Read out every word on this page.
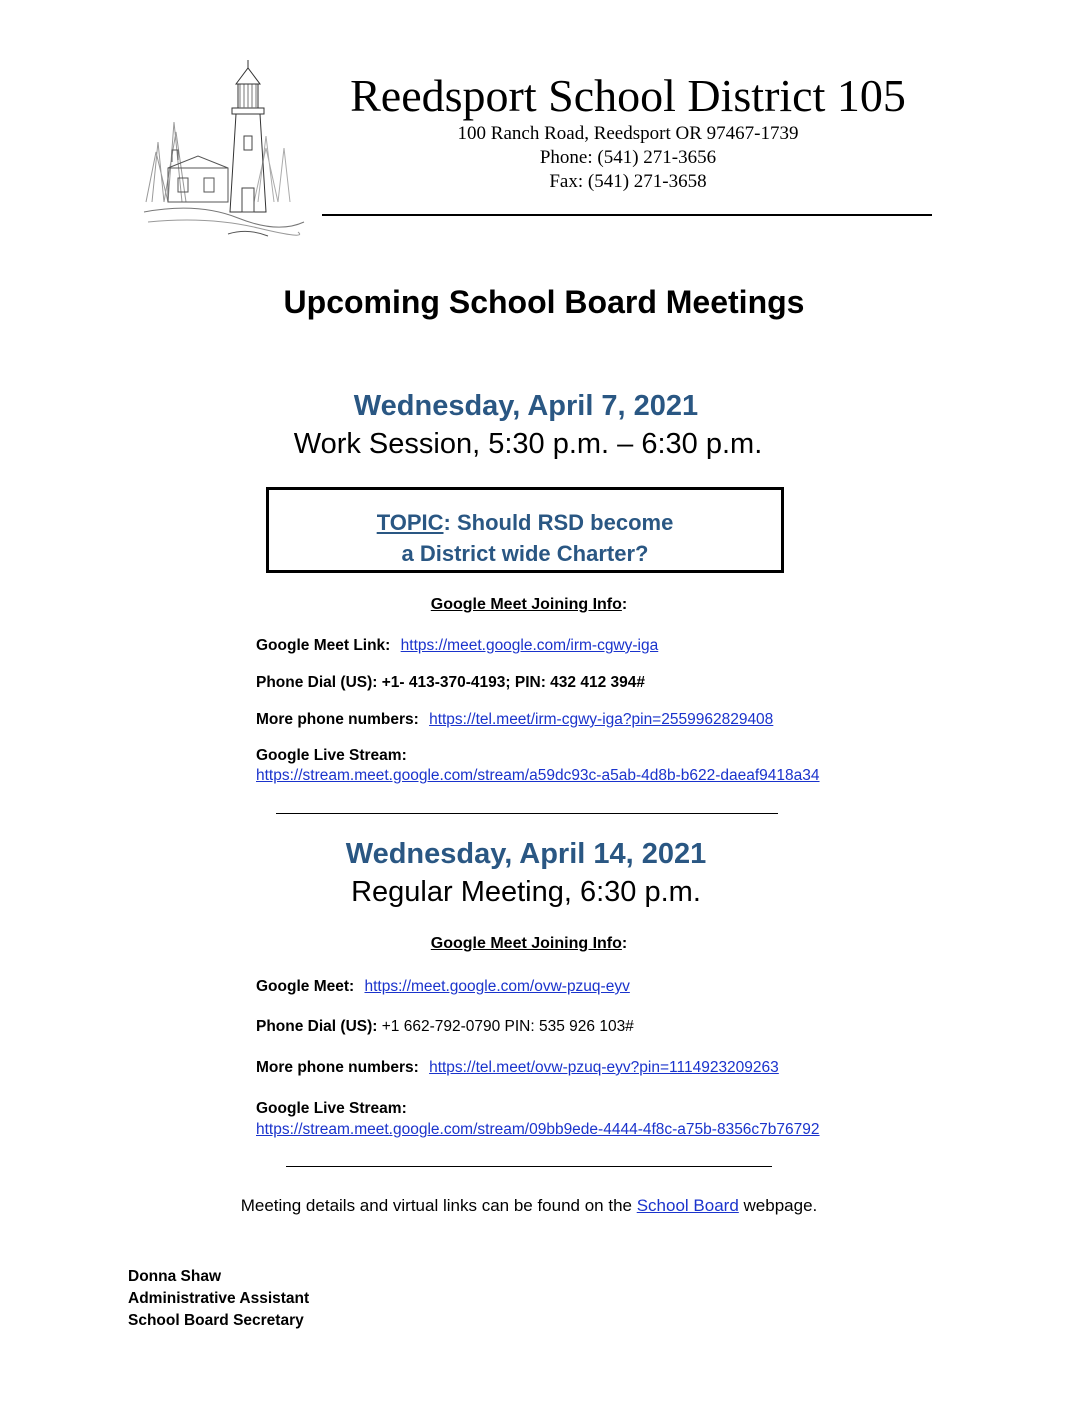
Reedsport School District 105
100 Ranch Road, Reedsport OR 97467-1739
Phone: (541) 271-3656
Fax: (541) 271-3658
Upcoming School Board Meetings
Wednesday, April 7, 2021
Work Session, 5:30 p.m. – 6:30 p.m.
TOPIC: Should RSD become
a District wide Charter?
Google Meet Joining Info:
Google Meet Link: https://meet.google.com/irm-cgwy-iga
Phone Dial (US): +1- 413-370-4193; PIN: 432 412 394#
More phone numbers: https://tel.meet/irm-cgwy-iga?pin=2559962829408
Google Live Stream:
https://stream.meet.google.com/stream/a59dc93c-a5ab-4d8b-b622-daeaf9418a34
Wednesday, April 14, 2021
Regular Meeting, 6:30 p.m.
Google Meet Joining Info:
Google Meet: https://meet.google.com/ovw-pzuq-eyv
Phone Dial (US): +1 662-792-0790 PIN: 535 926 103#
More phone numbers: https://tel.meet/ovw-pzuq-eyv?pin=1114923209263
Google Live Stream:
https://stream.meet.google.com/stream/09bb9ede-4444-4f8c-a75b-8356c7b76792
Meeting details and virtual links can be found on the School Board webpage.
Donna Shaw
Administrative Assistant
School Board Secretary
